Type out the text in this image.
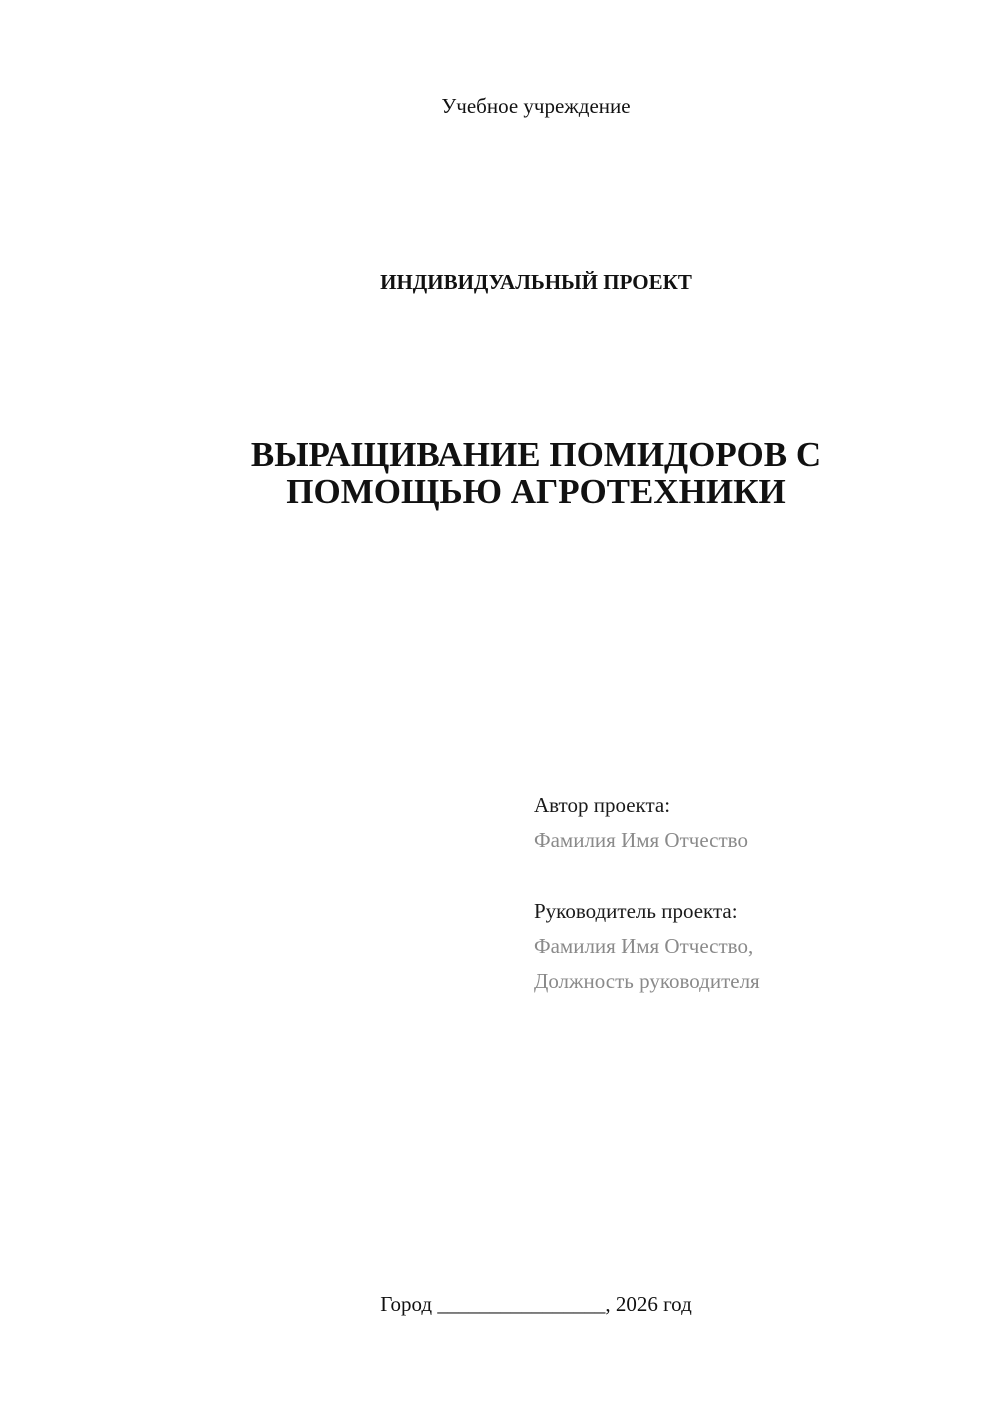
Учебное учреждение
ИНДИВИДУАЛЬНЫЙ ПРОЕКТ
ВЫРАЩИВАНИЕ ПОМИДОРОВ С
ПОМОЩЬЮ АГРОТЕХНИКИ
Автор проекта:
Фамилия Имя Отчество
Руководитель проекта:
Фамилия Имя Отчество,
Должность руководителя
Город ________________, 2026 год
